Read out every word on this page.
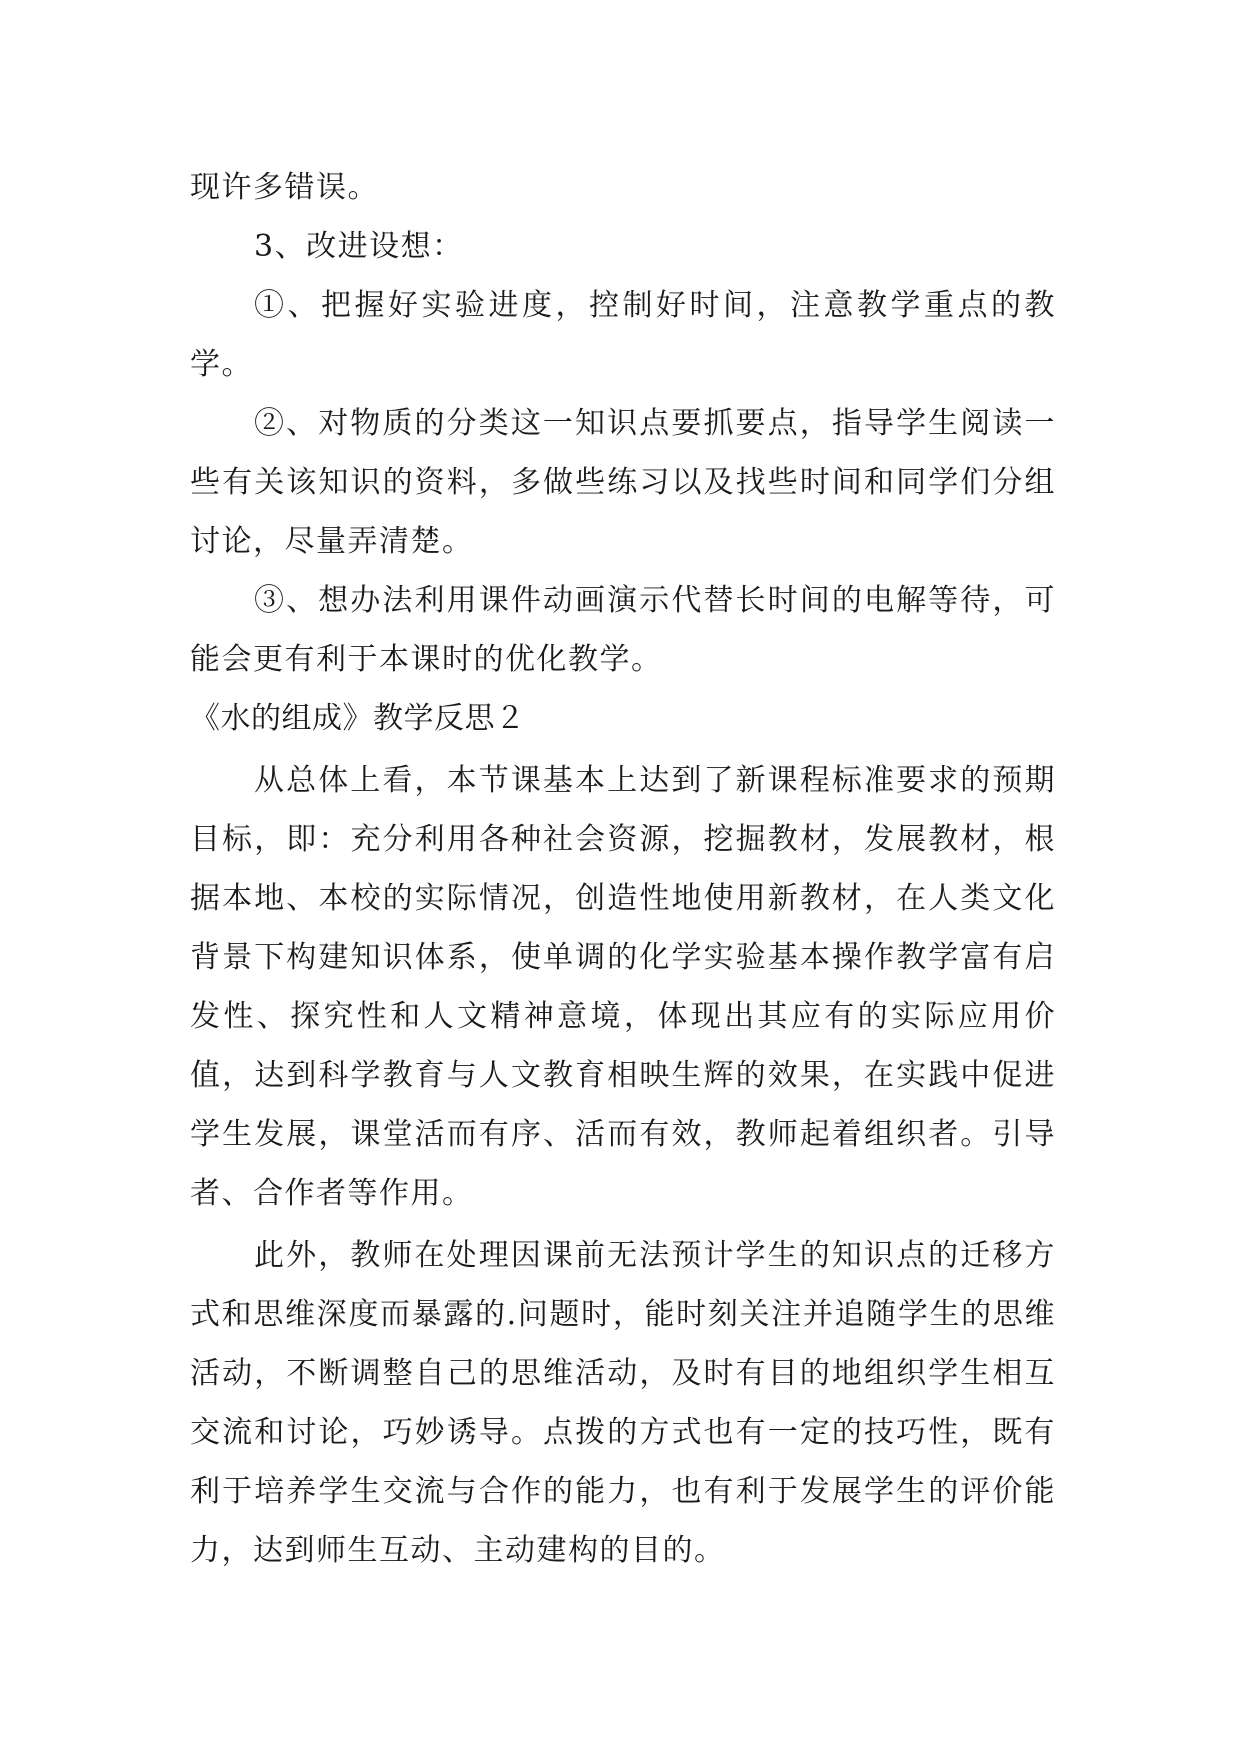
现许多错误。

3、改进设想：

①、把握好实验进度，控制好时间，注意教学重点的教学。

②、对物质的分类这一知识点要抓要点，指导学生阅读一些有关该知识的资料，多做些练习以及找些时间和同学们分组讨论，尽量弄清楚。

③、想办法利用课件动画演示代替长时间的电解等待，可能会更有利于本课时的优化教学。

《水的组成》教学反思２

从总体上看，本节课基本上达到了新课程标准要求的预期目标，即：充分利用各种社会资源，挖掘教材，发展教材，根据本地、本校的实际情况，创造性地使用新教材，在人类文化背景下构建知识体系，使单调的化学实验基本操作教学富有启发性、探究性和人文精神意境，体现出其应有的实际应用价值，达到科学教育与人文教育相映生辉的效果，在实践中促进学生发展，课堂活而有序、活而有效，教师起着组织者。引导者、合作者等作用。

此外，教师在处理因课前无法预计学生的知识点的迁移方式和思维深度而暴露的.问题时，能时刻关注并追随学生的思维活动，不断调整自己的思维活动，及时有目的地组织学生相互交流和讨论，巧妙诱导。点拨的方式也有一定的技巧性，既有利于培养学生交流与合作的能力，也有利于发展学生的评价能力，达到师生互动、主动建构的目的。
